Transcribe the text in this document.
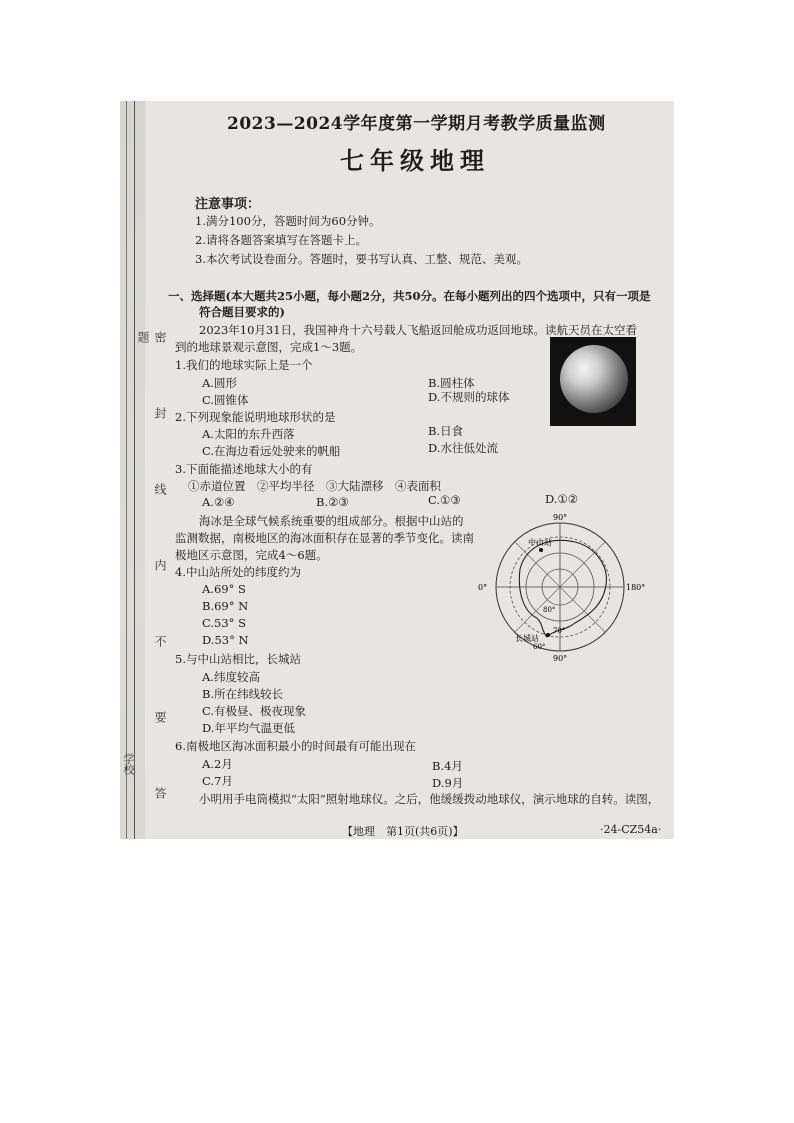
密　封　线　内　不　要　答　题
学校
2023—2024学年度第一学期月考教学质量监测
七年级地理
注意事项：
1.满分100分，答题时间为60分钟。
2.请将各题答案填写在答题卡上。
3.本次考试设卷面分。答题时，要书写认真、工整、规范、美观。
一、选择题(本大题共25小题，每小题2分，共50分。在每小题列出的四个选项中，只有一项是
符合题目要求的)
2023年10月31日，我国神舟十六号载人飞船返回舱成功返回地球。读航天员在太空看
到的地球景观示意图，完成1～3题。
1.我们的地球实际上是一个
A.圆形	B.圆柱体
C.圆锥体	D.不规则的球体
2.下列现象能说明地球形状的是
A.太阳的东升西落	B.日食
C.在海边看远处驶来的帆船	D.水往低处流
3.下面能描述地球大小的有
①赤道位置　②平均半径　③大陆漂移　④表面积
A.②④	B.②③	C.①③	D.①②
海冰是全球气候系统重要的组成部分。根据中山站的
监测数据，南极地区的海冰面积存在显著的季节变化。读南
极地区示意图，完成4～6题。
4.中山站所处的纬度约为
A.69° S
B.69° N
C.53° S
D.53° N
5.与中山站相比，长城站
A.纬度较高
B.所在纬线较长
C.有极昼、极夜现象
D.年平均气温更低
6.南极地区海冰面积最小的时间最有可能出现在
A.2月	B.4月
C.7月	D.9月
小明用手电筒模拟“太阳”照射地球仪。之后，他缓缓拨动地球仪，演示地球的自转。读图，
90°
0°	180°
90°
80°
70°
60°
中山站
长城站
【地理　第1页(共6页)】	·24-CZ54a·
